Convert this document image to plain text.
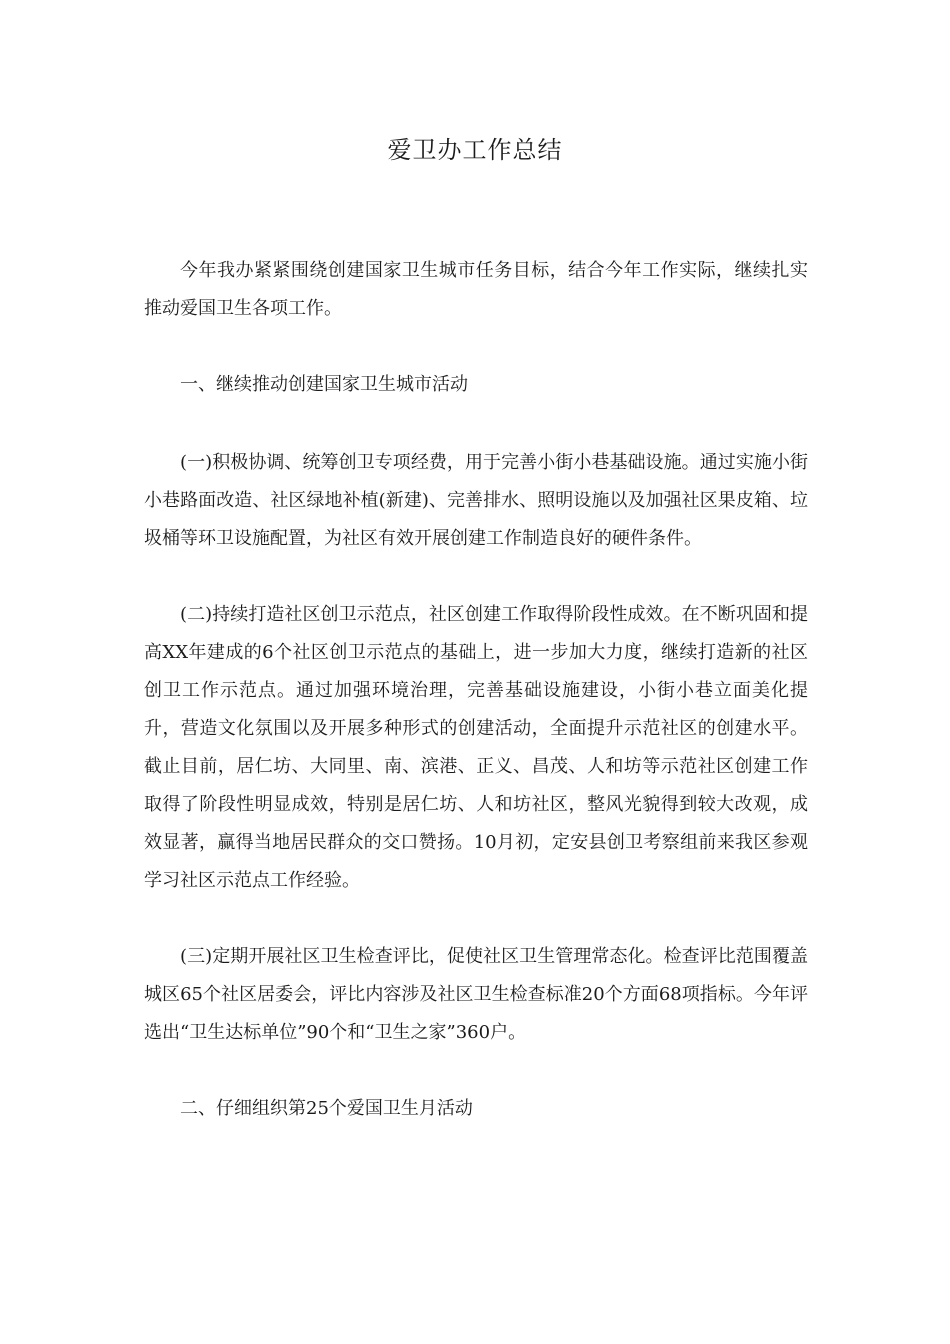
爱卫办工作总结

今年我办紧紧围绕创建国家卫生城市任务目标，结合今年工作实际，继续扎实推动爱国卫生各项工作。

一、继续推动创建国家卫生城市活动

(一)积极协调、统筹创卫专项经费，用于完善小街小巷基础设施。通过实施小街小巷路面改造、社区绿地补植(新建)、完善排水、照明设施以及加强社区果皮箱、垃圾桶等环卫设施配置，为社区有效开展创建工作制造良好的硬件条件。

(二)持续打造社区创卫示范点，社区创建工作取得阶段性成效。在不断巩固和提高XX年建成的6个社区创卫示范点的基础上，进一步加大力度，继续打造新的社区创卫工作示范点。通过加强环境治理，完善基础设施建设，小街小巷立面美化提升，营造文化氛围以及开展多种形式的创建活动，全面提升示范社区的创建水平。截止目前，居仁坊、大同里、南、滨港、正义、昌茂、人和坊等示范社区创建工作取得了阶段性明显成效，特别是居仁坊、人和坊社区，整风光貌得到较大改观，成效显著，赢得当地居民群众的交口赞扬。10月初，定安县创卫考察组前来我区参观学习社区示范点工作经验。

(三)定期开展社区卫生检查评比，促使社区卫生管理常态化。检查评比范围覆盖城区65个社区居委会，评比内容涉及社区卫生检查标准20个方面68项指标。今年评选出“卫生达标单位”90个和“卫生之家”360户。

二、仔细组织第25个爱国卫生月活动
